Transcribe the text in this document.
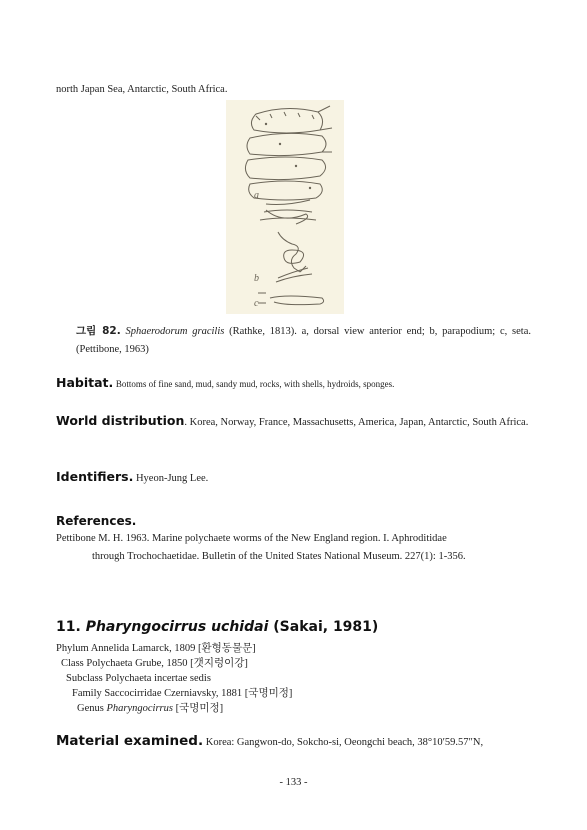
north Japan Sea, Antarctic, South Africa.
a
b
c
그림 82. Sphaerodorum gracilis (Rathke, 1813). a, dorsal view anterior end; b, parapodium; c, seta. (Pettibone, 1963)
Habitat. Bottoms of fine sand, mud, sandy mud, rocks, with shells, hydroids, sponges.
World distribution. Korea, Norway, France, Massachusetts, America, Japan, Antarctic, South Africa.
Identifiers. Hyeon-Jung Lee.
References.
Pettibone M. H. 1963. Marine polychaete worms of the New England region. I. Aphroditidae
through Trochochaetidae. Bulletin of the United States National Museum. 227(1): 1-356.
11. Pharyngocirrus uchidai (Sakai, 1981)
Phylum Annelida Lamarck, 1809 [환형동물문]
Class Polychaeta Grube, 1850 [갯지렁이강]
Subclass Polychaeta incertae sedis
Family Saccocirridae Czerniavsky, 1881 [국명미정]
Genus Pharyngocirrus [국명미정]
Material examined. Korea: Gangwon-do, Sokcho-si, Oeongchi beach, 38°10′59.57″N,
- 133 -
